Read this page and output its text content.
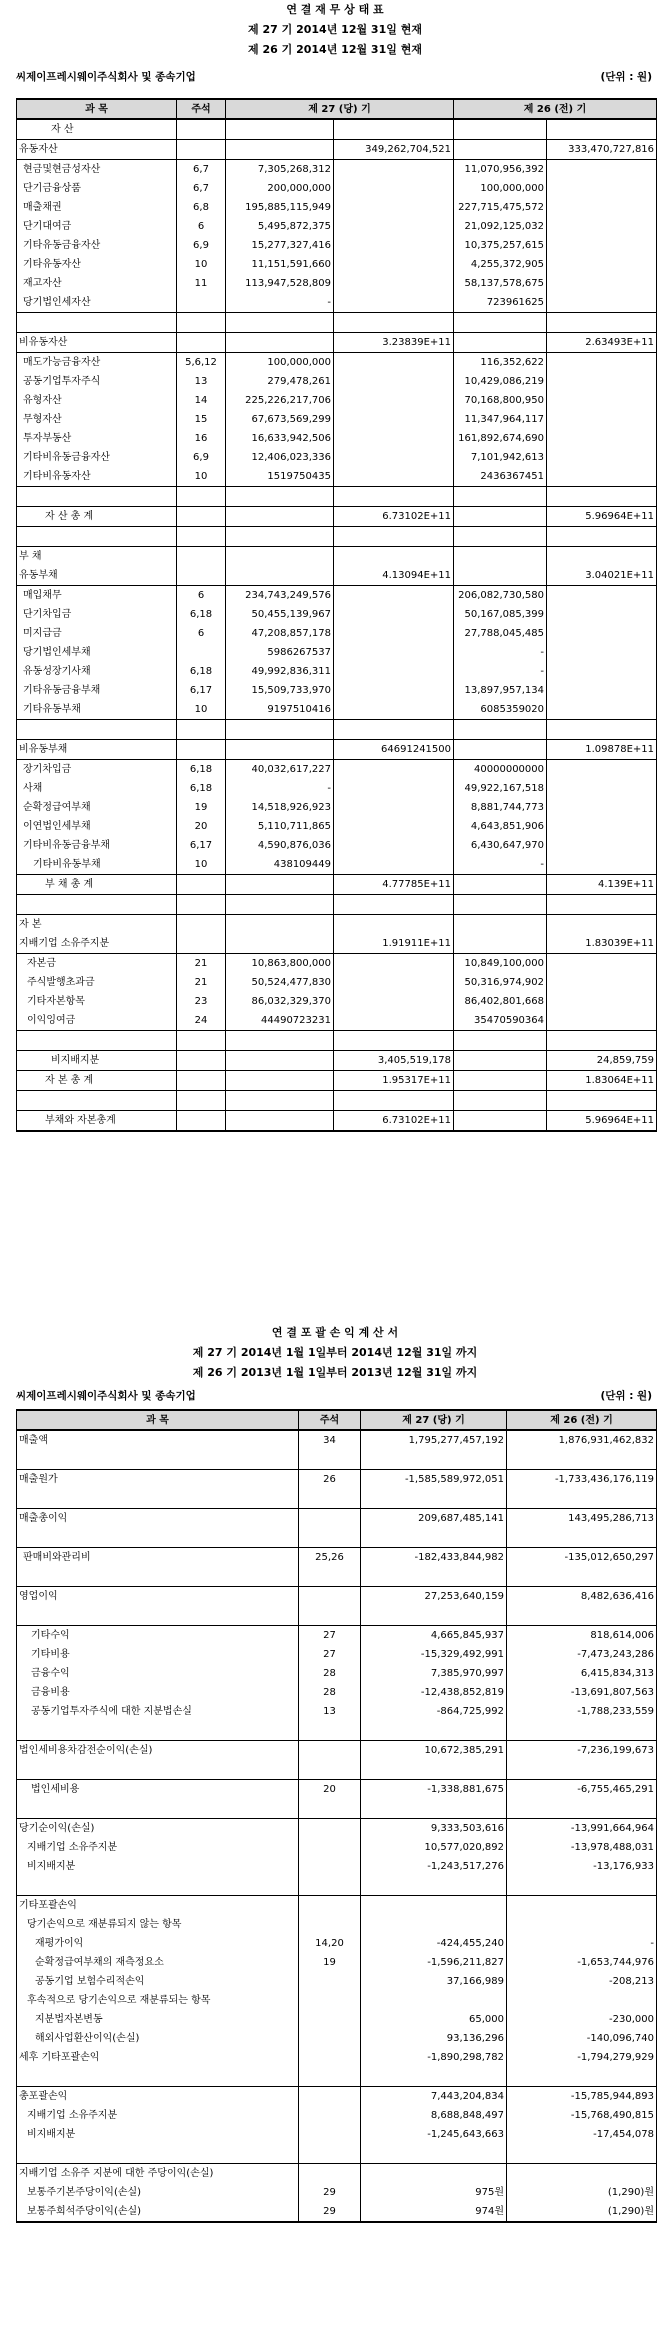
연 결 재 무 상 태 표
제 27 기 2014년 12월 31일 현재
제 26 기 2014년 12월 31일 현재
씨제이프레시웨이주식회사 및 종속기업	(단위 : 원)
과 목	주석	제 27 (당) 기		제 26 (전) 기	
자 산					
유동자산			349,262,704,521		333,470,727,816
현금및현금성자산	6,7	7,305,268,312		11,070,956,392	
단기금융상품	6,7	200,000,000		100,000,000	
매출채권	6,8	195,885,115,949		227,715,475,572	
단기대여금	6	5,495,872,375		21,092,125,032	
기타유동금융자산	6,9	15,277,327,416		10,375,257,615	
기타유동자산	10	11,151,591,660		4,255,372,905	
재고자산	11	113,947,528,809		58,137,578,675	
당기법인세자산		-		723961625	

비유동자산			3.23839E+11		2.63493E+11
매도가능금융자산	5,6,12	100,000,000		116,352,622	
공동기업투자주식	13	279,478,261		10,429,086,219	
유형자산	14	225,226,217,706		70,168,800,950	
무형자산	15	67,673,569,299		11,347,964,117	
투자부동산	16	16,633,942,506		161,892,674,690	
기타비유동금융자산	6,9	12,406,023,336		7,101,942,613	
기타비유동자산	10	1519750435		2436367451	

자 산 총 계			6.73102E+11		5.96964E+11

부 채					
유동부채			4.13094E+11		3.04021E+11
매입채무	6	234,743,249,576		206,082,730,580	
단기차입금	6,18	50,455,139,967		50,167,085,399	
미지급금	6	47,208,857,178		27,788,045,485	
당기법인세부채		5986267537		-	
유동성장기사채	6,18	49,992,836,311		-	
기타유동금융부채	6,17	15,509,733,970		13,897,957,134	
기타유동부채	10	9197510416		6085359020	

비유동부채			64691241500		1.09878E+11
장기차입금	6,18	40,032,617,227		40000000000	
사채	6,18	-		49,922,167,518	
순확정급여부채	19	14,518,926,923		8,881,744,773	
이연법인세부채	20	5,110,711,865		4,643,851,906	
기타비유동금융부채	6,17	4,590,876,036		6,430,647,970	
기타비유동부채	10	438109449		-	
부 채 총 계			4.77785E+11		4.139E+11

자 본					
지배기업 소유주지분			1.91911E+11		1.83039E+11
자본금	21	10,863,800,000		10,849,100,000	
주식발행초과금	21	50,524,477,830		50,316,974,902	
기타자본항목	23	86,032,329,370		86,402,801,668	
이익잉여금	24	44490723231		35470590364	

비지배지분			3,405,519,178		24,859,759
자 본 총 계			1.95317E+11		1.83064E+11

부채와 자본총계			6.73102E+11		5.96964E+11
연 결 포 괄 손 익 계 산 서
제 27 기 2014년 1월 1일부터 2014년 12월 31일 까지
제 26 기 2013년 1월 1일부터 2013년 12월 31일 까지
씨제이프레시웨이주식회사 및 종속기업	(단위 : 원)
과 목	주석	제 27 (당) 기	제 26 (전) 기
매출액	34	1,795,277,457,192	1,876,931,462,832

매출원가	26	-1,585,589,972,051	-1,733,436,176,119

매출총이익		209,687,485,141	143,495,286,713

판매비와관리비	25,26	-182,433,844,982	-135,012,650,297

영업이익		27,253,640,159	8,482,636,416

기타수익	27	4,665,845,937	818,614,006
기타비용	27	-15,329,492,991	-7,473,243,286
금융수익	28	7,385,970,997	6,415,834,313
금융비용	28	-12,438,852,819	-13,691,807,563
공동기업투자주식에 대한 지분법손실	13	-864,725,992	-1,788,233,559

법인세비용차감전순이익(손실)		10,672,385,291	-7,236,199,673

법인세비용	20	-1,338,881,675	-6,755,465,291

당기순이익(손실)		9,333,503,616	-13,991,664,964
지배기업 소유주지분		10,577,020,892	-13,978,488,031
비지배지분		-1,243,517,276	-13,176,933

기타포괄손익			
당기손익으로 재분류되지 않는 항목			
재평가이익	14,20	-424,455,240	-
순확정급여부채의 재측정요소	19	-1,596,211,827	-1,653,744,976
공동기업 보험수리적손익		37,166,989	-208,213
후속적으로 당기손익으로 재분류되는 항목			
지분법자본변동		65,000	-230,000
해외사업환산이익(손실)		93,136,296	-140,096,740
세후 기타포괄손익		-1,890,298,782	-1,794,279,929

총포괄손익		7,443,204,834	-15,785,944,893
지배기업 소유주지분		8,688,848,497	-15,768,490,815
비지배지분		-1,245,643,663	-17,454,078

지배기업 소유주 지분에 대한 주당이익(손실)			
보통주기본주당이익(손실)	29	975원	(1,290)원
보통주희석주당이익(손실)	29	974원	(1,290)원
